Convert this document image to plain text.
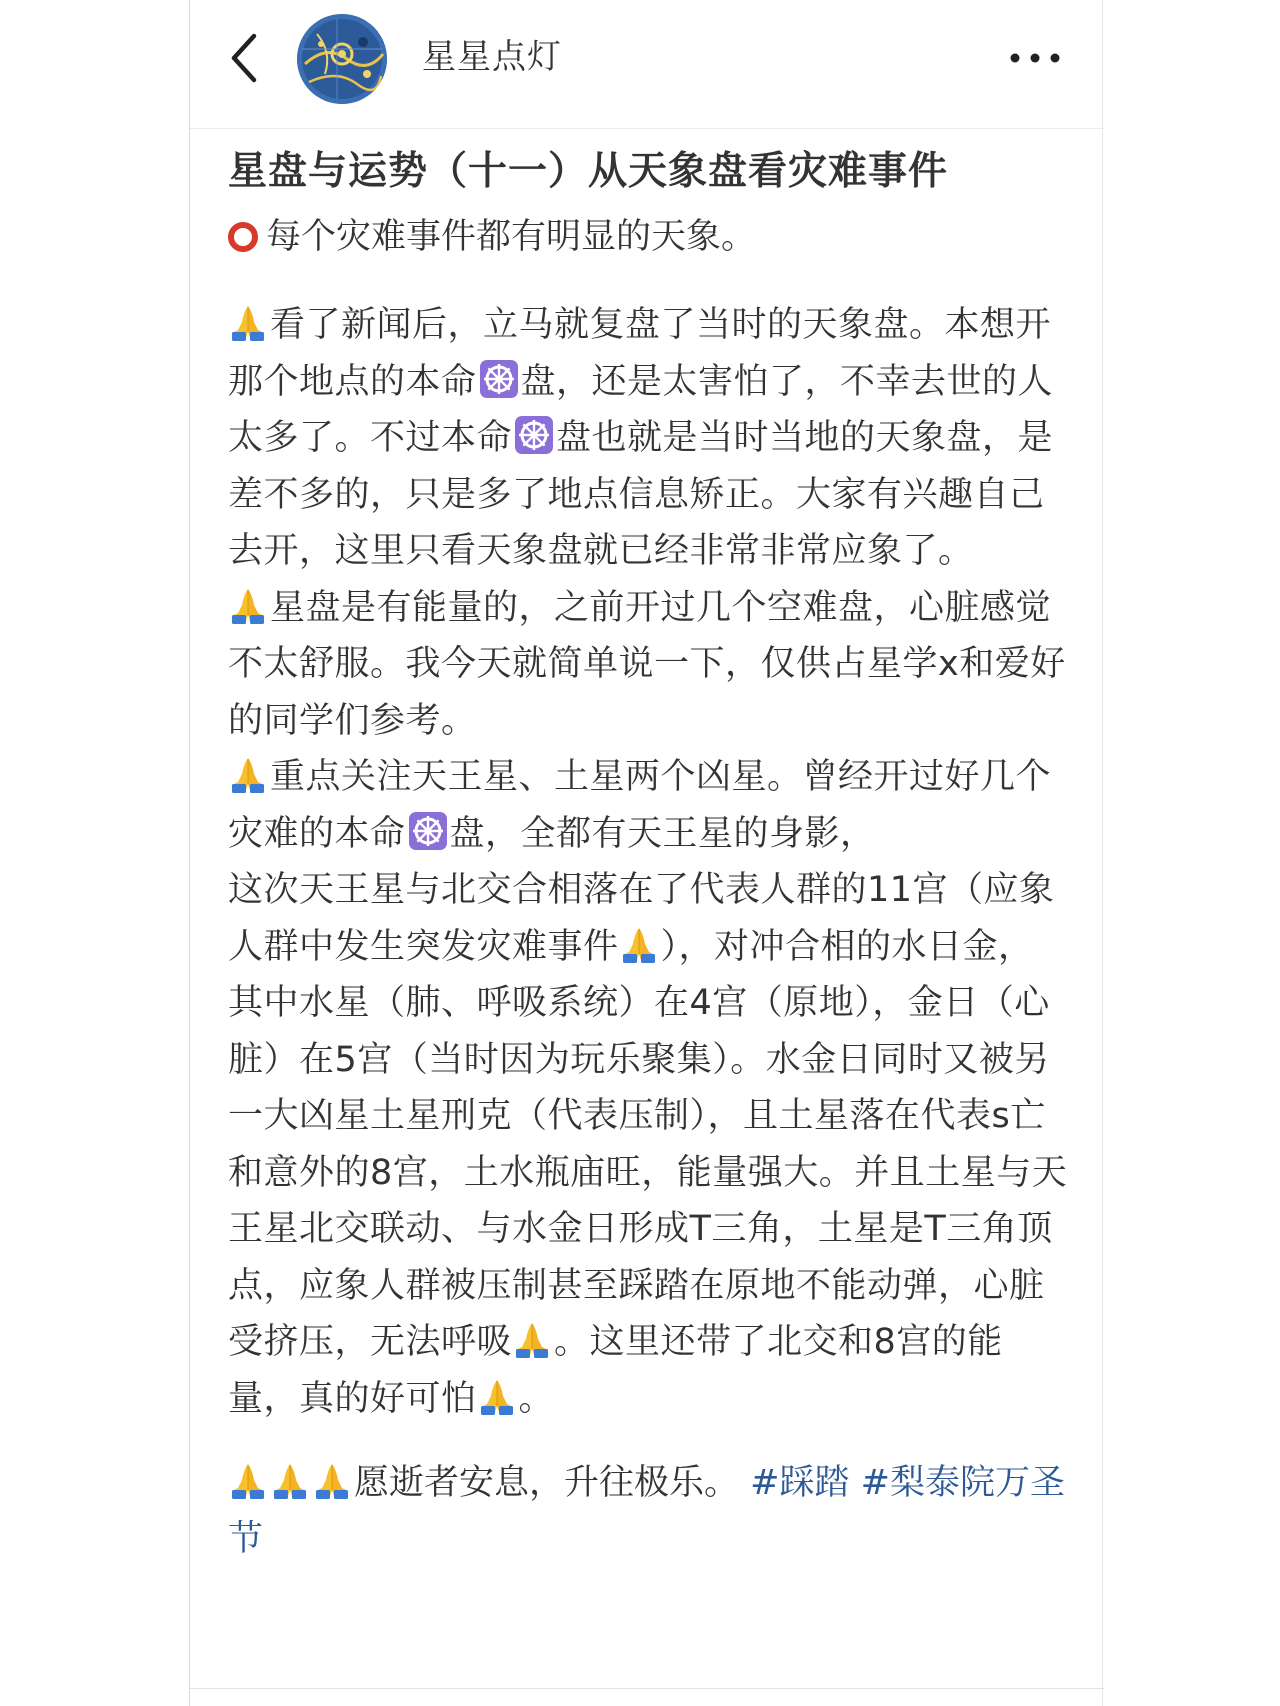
星星点灯
星盘与运势（十一）从天象盘看灾难事件
每个灾难事件都有明显的天象。

看了新闻后，立马就复盘了当时的天象盘。本想开那个地点的本命 盘，还是太害怕了，不幸去世的人太多了。不过本命 盘也就是当时当地的天象盘，是差不多的，只是多了地点信息矫正。大家有兴趣自己去开，这里只看天象盘就已经非常非常应象了。

星盘是有能量的，之前开过几个空难盘，心脏感觉不太舒服。我今天就简单说一下，仅供占星学x和爱好的同学们参考。

重点关注天王星、土星两个凶星。曾经开过好几个灾难的本命 盘，全都有天王星的身影，
这次天王星与北交合相落在了代表人群的11宫（应象人群中发生突发灾难事件 ），对冲合相的水日金，其中水星（肺、呼吸系统）在4宫（原地），金日（心脏）在5宫（当时因为玩乐聚集）。水金日同时又被另一大凶星土星刑克（代表压制），且土星落在代表s亡和意外的8宫，土水瓶庙旺，能量强大。并且土星与天王星北交联动、与水金日形成T三角，土星是T三角顶点，应象人群被压制甚至踩踏在原地不能动弹，心脏受挤压，无法呼吸 。这里还带了北交和8宫的能量，真的好可怕 。

愿逝者安息，升往极乐。 #踩踏 #梨泰院万圣节
